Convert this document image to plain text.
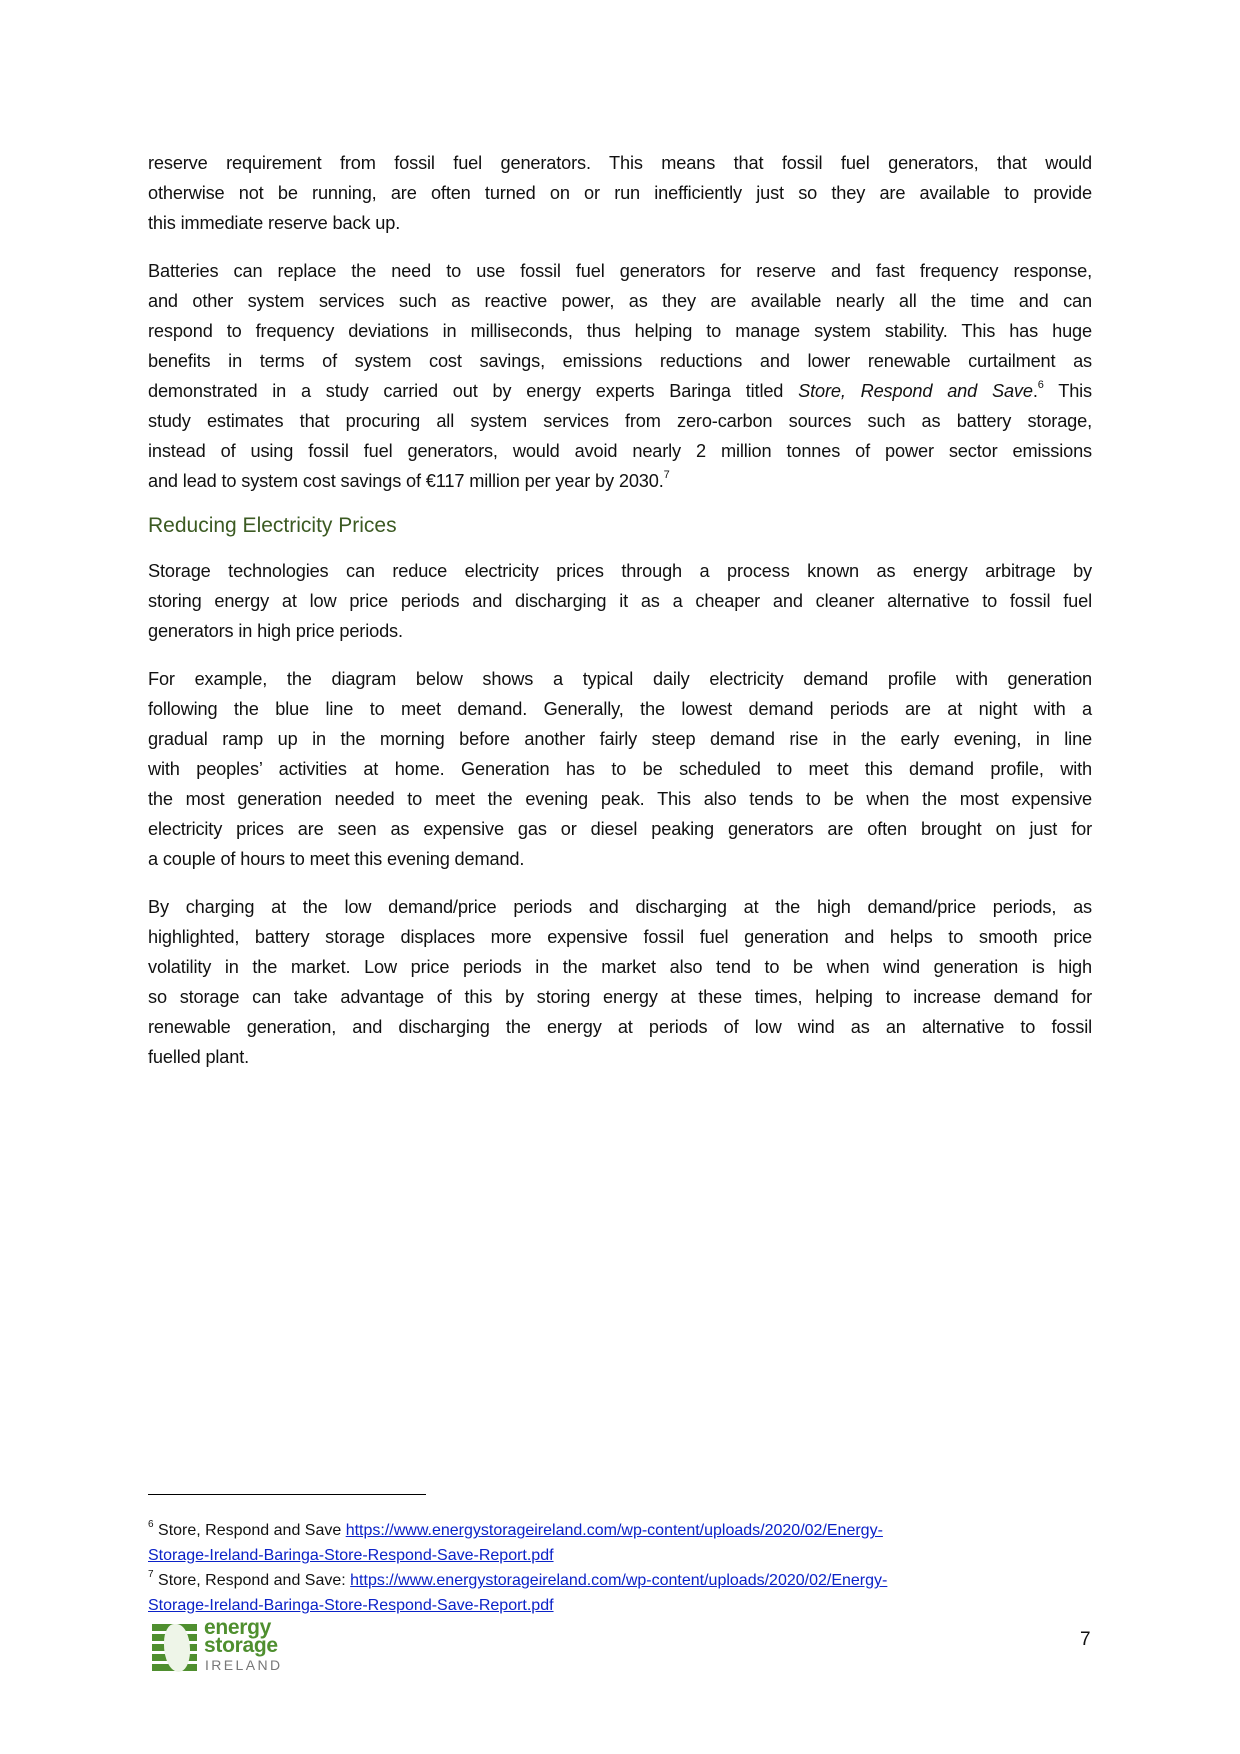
reserve requirement from fossil fuel generators. This means that fossil fuel generators, that would
otherwise not be running, are often turned on or run inefficiently just so they are available to provide
this immediate reserve back up.
Batteries can replace the need to use fossil fuel generators for reserve and fast frequency response,
and other system services such as reactive power, as they are available nearly all the time and can
respond to frequency deviations in milliseconds, thus helping to manage system stability. This has huge
benefits in terms of system cost savings, emissions reductions and lower renewable curtailment as
demonstrated in a study carried out by energy experts Baringa titled Store, Respond and Save.$^6$ This
study estimates that procuring all system services from zero-carbon sources such as battery storage,
instead of using fossil fuel generators, would avoid nearly 2 million tonnes of power sector emissions
and lead to system cost savings of €117 million per year by 2030.$^7$
Storage technologies can reduce electricity prices through a process known as energy arbitrage by
storing energy at low price periods and discharging it as a cheaper and cleaner alternative to fossil fuel
generators in high price periods.
For example, the diagram below shows a typical daily electricity demand profile with generation
following the blue line to meet demand. Generally, the lowest demand periods are at night with a
gradual ramp up in the morning before another fairly steep demand rise in the early evening, in line
with peoples’ activities at home. Generation has to be scheduled to meet this demand profile, with
the most generation needed to meet the evening peak. This also tends to be when the most expensive
electricity prices are seen as expensive gas or diesel peaking generators are often brought on just for
a couple of hours to meet this evening demand.
By charging at the low demand/price periods and discharging at the high demand/price periods, as
highlighted, battery storage displaces more expensive fossil fuel generation and helps to smooth price
volatility in the market. Low price periods in the market also tend to be when wind generation is high
so storage can take advantage of this by storing energy at these times, helping to increase demand for
renewable generation, and discharging the energy at periods of low wind as an alternative to fossil
fuelled plant.
Reducing Electricity Prices
$^6$ Store, Respond and Save https://www.energystorageireland.com/wp-content/uploads/2020/02/Energy-
Storage-Ireland-Baringa-Store-Respond-Save-Report.pdf
$^7$ Store, Respond and Save: https://www.energystorageireland.com/wp-content/uploads/2020/02/Energy-
Storage-Ireland-Baringa-Store-Respond-Save-Report.pdf
energy
storage
IRELAND
7
